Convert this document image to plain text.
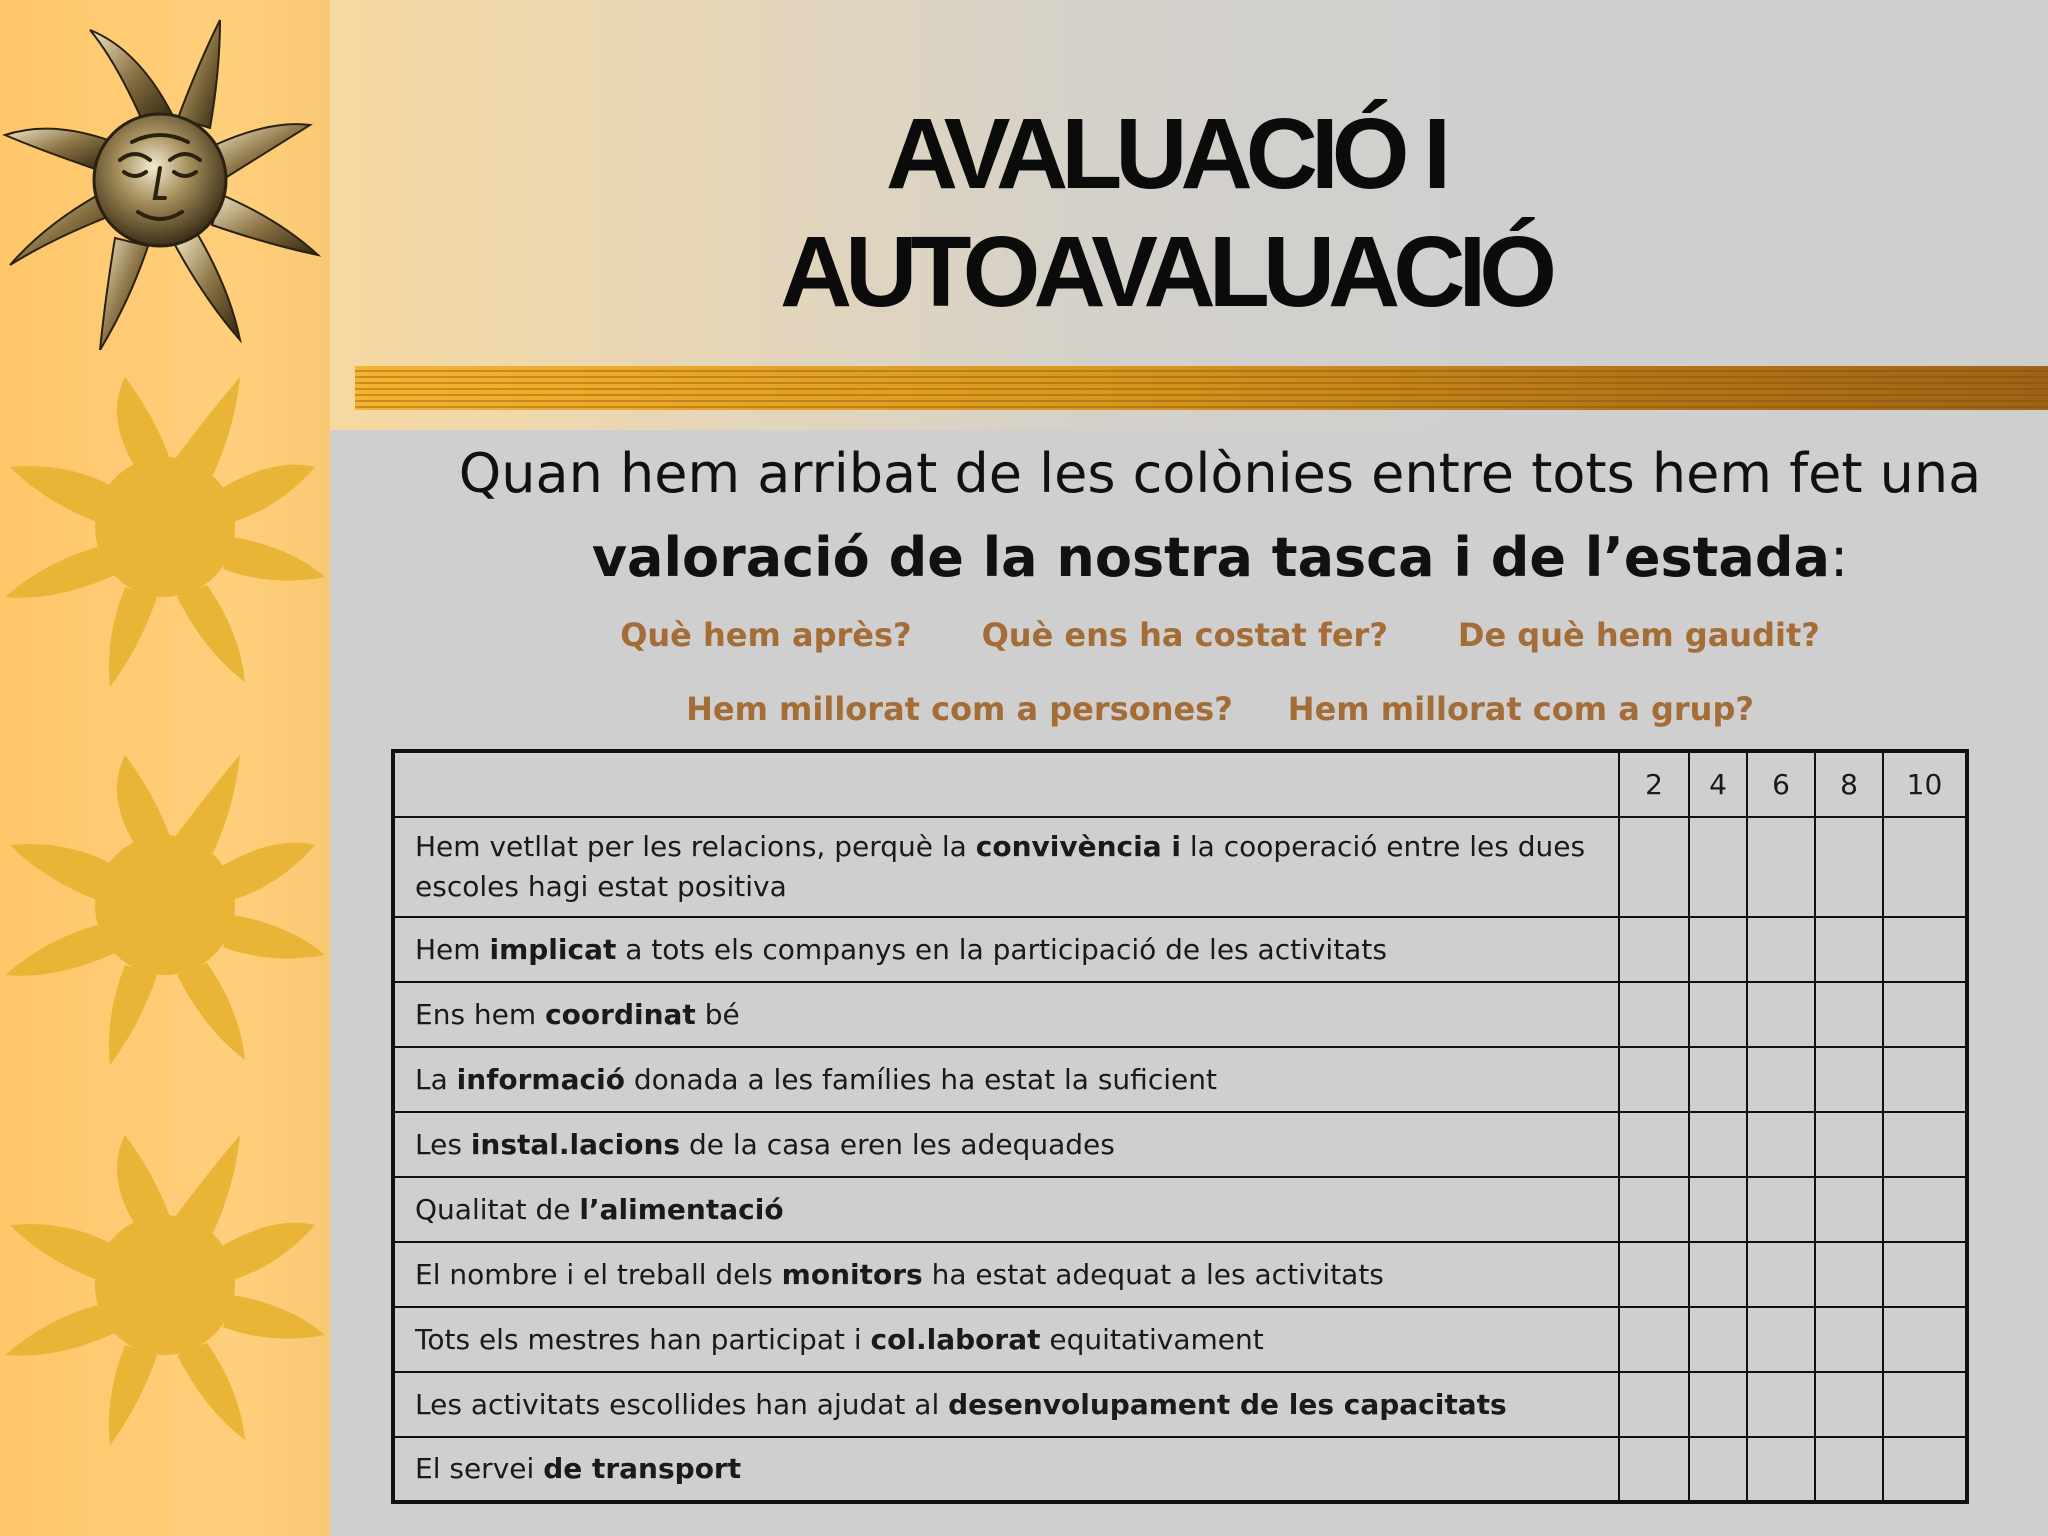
AVALUACIÓ I
AUTOAVALUACIÓ
Quan hem arribat de les colònies entre tots hem fet una
valoració de la nostra tasca i de l’estada:
Què hem après? Què ens ha costat fer? De què hem gaudit?
Hem millorat com a persones? Hem millorat com a grup?
	2	4	6	8	10
Hem vetllat per les relacions, perquè la convivència i la cooperació entre les dues escoles hagi estat positiva					
Hem implicat a tots els companys en la participació de les activitats					
Ens hem coordinat bé					
La informació donada a les famílies ha estat la suficient					
Les instal.lacions de la casa eren les adequades					
Qualitat de l’alimentació					
El nombre i el treball dels monitors ha estat adequat a les activitats					
Tots els mestres han participat i col.laborat equitativament					
Les activitats escollides han ajudat al desenvolupament de les capacitats					
El servei de transport					
